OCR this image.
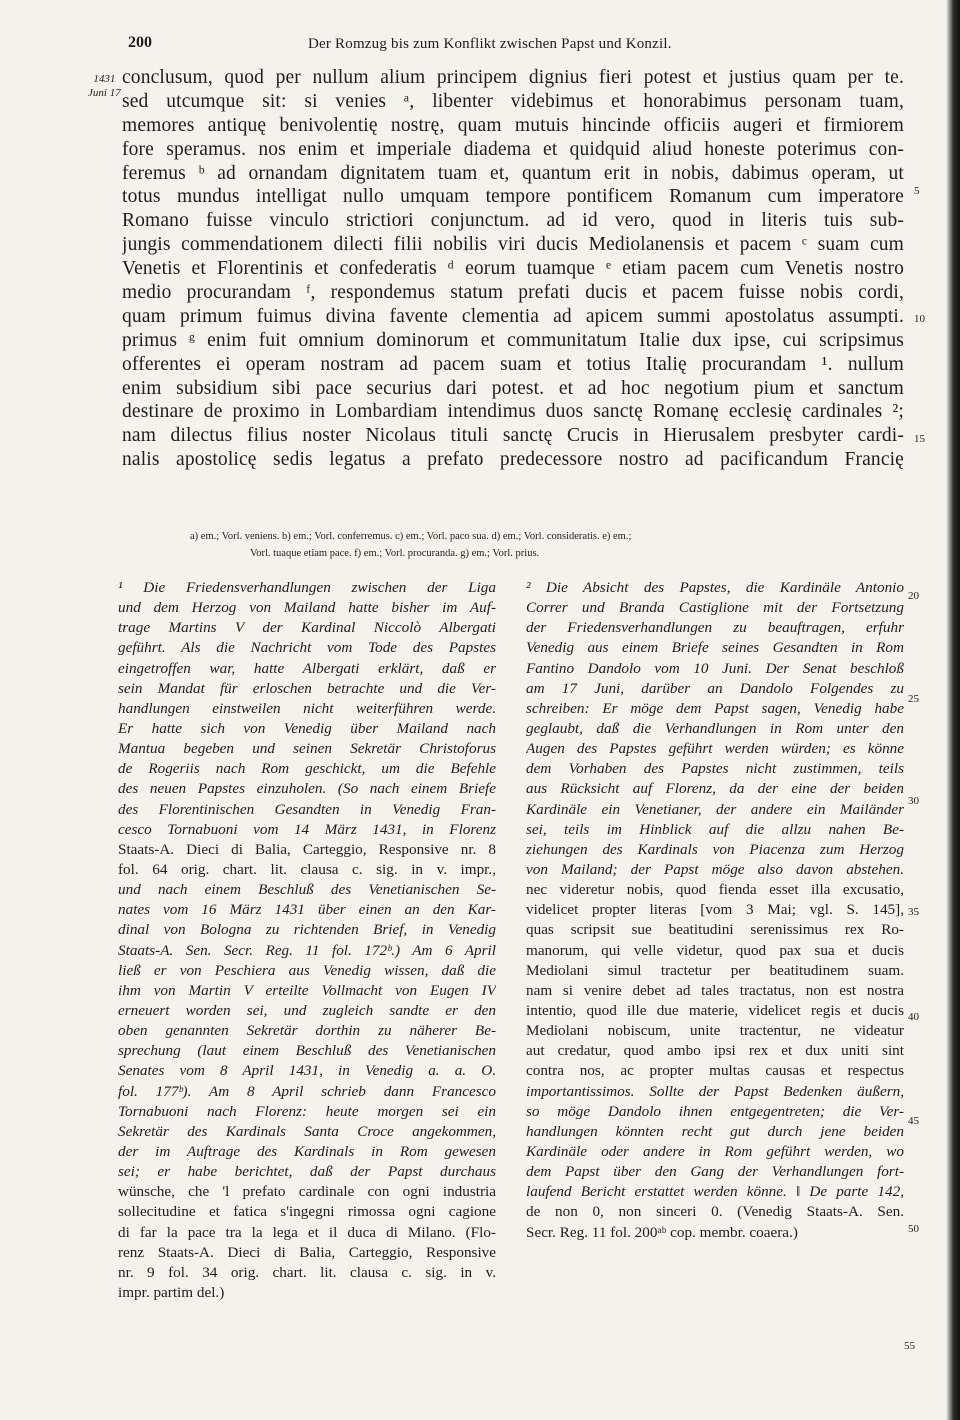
200	Der Romzug bis zum Konflikt zwischen Papst und Konzil.
1431
Juni 17
conclusum, quod per nullum alium principem dignius fieri potest et justius quam per te.
sed utcumque sit: si venies ᵃ, libenter videbimus et honorabimus personam tuam,
memores antiquę benivolentię nostrę, quam mutuis hincinde officiis augeri et firmiorem
fore speramus. nos enim et imperiale diadema et quidquid aliud honeste poterimus con-
feremus ᵇ ad ornandam dignitatem tuam et, quantum erit in nobis, dabimus operam, ut
totus mundus intelligat nullo umquam tempore pontificem Romanum cum imperatore
Romano fuisse vinculo strictiori conjunctum. ad id vero, quod in literis tuis sub-
jungis commendationem dilecti filii nobilis viri ducis Mediolanensis et pacem ᶜ suam cum
Venetis et Florentinis et confederatis ᵈ eorum tuamque ᵉ etiam pacem cum Venetis nostro
medio procurandam ᶠ, respondemus statum prefati ducis et pacem fuisse nobis cordi,
quam primum fuimus divina favente clementia ad apicem summi apostolatus assumpti.
primus ᵍ enim fuit omnium dominorum et communitatum Italie dux ipse, cui scripsimus
offerentes ei operam nostram ad pacem suam et totius Italię procurandam ¹. nullum
enim subsidium sibi pace securius dari potest. et ad hoc negotium pium et sanctum
destinare de proximo in Lombardiam intendimus duos sanctę Romanę ecclesię cardinales ²;
nam dilectus filius noster Nicolaus tituli sanctę Crucis in Hierusalem presbyter cardi-
nalis apostolicę sedis legatus a prefato predecessore nostro ad pacificandum Francię
5
10
15
a) em.; Vorl. veniens. b) em.; Vorl. conferremus. c) em.; Vorl. paco sua. d) em.; Vorl. consideratis. e) em.;
Vorl. tuaque etiam pace. f) em.; Vorl. procuranda. g) em.; Vorl. prius.
¹ Die Friedensverhandlungen zwischen der Liga
und dem Herzog von Mailand hatte bisher im Auf-
trage Martins V der Kardinal Niccolò Albergati
geführt. Als die Nachricht vom Tode des Papstes
eingetroffen war, hatte Albergati erklärt, daß er
sein Mandat für erloschen betrachte und die Ver-
handlungen einstweilen nicht weiterführen werde.
Er hatte sich von Venedig über Mailand nach
Mantua begeben und seinen Sekretär Christoforus
de Rogeriis nach Rom geschickt, um die Befehle
des neuen Papstes einzuholen. (So nach einem Briefe
des Florentinischen Gesandten in Venedig Fran-
cesco Tornabuoni vom 14 März 1431, in Florenz
Staats-A. Dieci di Balia, Carteggio, Responsive nr. 8
fol. 64 orig. chart. lit. clausa c. sig. in v. impr.,
und nach einem Beschluß des Venetianischen Se-
nates vom 16 März 1431 über einen an den Kar-
dinal von Bologna zu richtenden Brief, in Venedig
Staats-A. Sen. Secr. Reg. 11 fol. 172ᵇ.) Am 6 April
ließ er von Peschiera aus Venedig wissen, daß die
ihm von Martin V erteilte Vollmacht von Eugen IV
erneuert worden sei, und zugleich sandte er den
oben genannten Sekretär dorthin zu näherer Be-
sprechung (laut einem Beschluß des Venetianischen
Senates vom 8 April 1431, in Venedig a. a. O.
fol. 177ᵇ). Am 8 April schrieb dann Francesco
Tornabuoni nach Florenz: heute morgen sei ein
Sekretär des Kardinals Santa Croce angekommen,
der im Auftrage des Kardinals in Rom gewesen
sei; er habe berichtet, daß der Papst durchaus
wünsche, che 'l prefato cardinale con ogni industria
sollecitudine et fatica s'ingegni rimossa ogni cagione
di far la pace tra la lega et il duca di Milano. (Flo-
renz Staats-A. Dieci di Balia, Carteggio, Responsive
nr. 9 fol. 34 orig. chart. lit. clausa c. sig. in v.
impr. partim del.)
² Die Absicht des Papstes, die Kardinäle Antonio
Correr und Branda Castiglione mit der Fortsetzung
der Friedensverhandlungen zu beauftragen, erfuhr
Venedig aus einem Briefe seines Gesandten in Rom
Fantino Dandolo vom 10 Juni. Der Senat beschloß
am 17 Juni, darüber an Dandolo Folgendes zu
schreiben: Er möge dem Papst sagen, Venedig habe
geglaubt, daß die Verhandlungen in Rom unter den
Augen des Papstes geführt werden würden; es könne
dem Vorhaben des Papstes nicht zustimmen, teils
aus Rücksicht auf Florenz, da der eine der beiden
Kardinäle ein Venetianer, der andere ein Mailänder
sei, teils im Hinblick auf die allzu nahen Be-
ziehungen des Kardinals von Piacenza zum Herzog
von Mailand; der Papst möge also davon abstehen.
nec videretur nobis, quod fienda esset illa excusatio,
videlicet propter literas [vom 3 Mai; vgl. S. 145],
quas scripsit sue beatitudini serenissimus rex Ro-
manorum, qui velle videtur, quod pax sua et ducis
Mediolani simul tractetur per beatitudinem suam.
nam si venire debet ad tales tractatus, non est nostra
intentio, quod ille due materie, videlicet regis et ducis
Mediolani nobiscum, unite tractentur, ne videatur
aut credatur, quod ambo ipsi rex et dux uniti sint
contra nos, ac propter multas causas et respectus
importantissimos. Sollte der Papst Bedenken äußern,
so möge Dandolo ihnen entgegentreten; die Ver-
handlungen könnten recht gut durch jene beiden
Kardinäle oder andere in Rom geführt werden, wo
dem Papst über den Gang der Verhandlungen fort-
laufend Bericht erstattet werden könne. ‖ De parte 142,
de non 0, non sinceri 0. (Venedig Staats-A. Sen.
Secr. Reg. 11 fol. 200ᵃᵇ cop. membr. coaera.)
20
25
30
35
40
45
50
55
